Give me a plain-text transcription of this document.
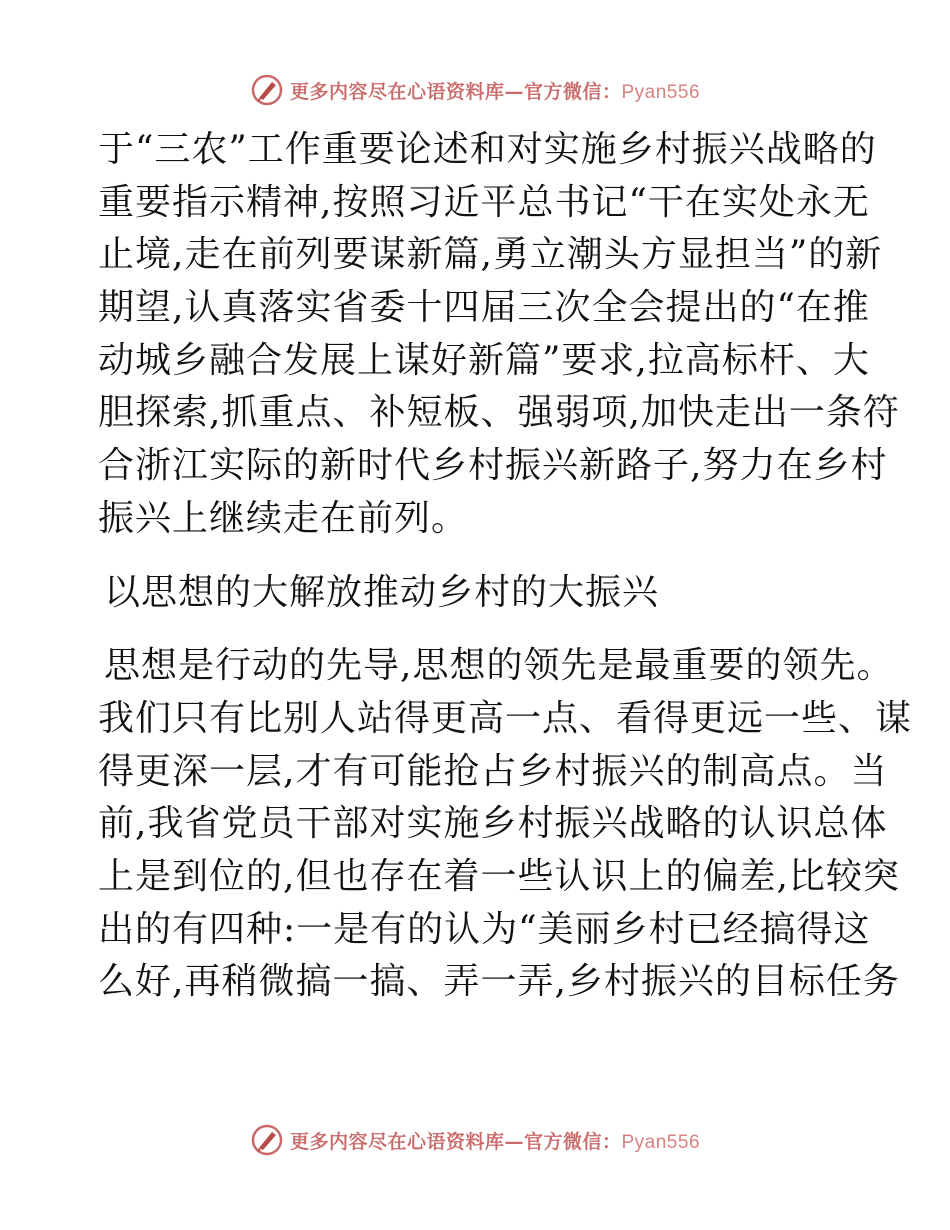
更多内容尽在心语资料库—官方微信：Pyan556
于“三农”工作重要论述和对实施乡村振兴战略的
重要指示精神,按照习近平总书记“干在实处永无
止境,走在前列要谋新篇,勇立潮头方显担当”的新
期望,认真落实省委十四届三次全会提出的“在推
动城乡融合发展上谋好新篇”要求,拉高标杆、大
胆探索,抓重点、补短板、强弱项,加快走出一条符
合浙江实际的新时代乡村振兴新路子,努力在乡村
振兴上继续走在前列。
以思想的大解放推动乡村的大振兴
思想是行动的先导,思想的领先是最重要的领先。
我们只有比别人站得更高一点、看得更远一些、谋
得更深一层,才有可能抢占乡村振兴的制高点。当
前,我省党员干部对实施乡村振兴战略的认识总体
上是到位的,但也存在着一些认识上的偏差,比较突
出的有四种:一是有的认为“美丽乡村已经搞得这
么好,再稍微搞一搞、弄一弄,乡村振兴的目标任务
更多内容尽在心语资料库—官方微信：Pyan556
